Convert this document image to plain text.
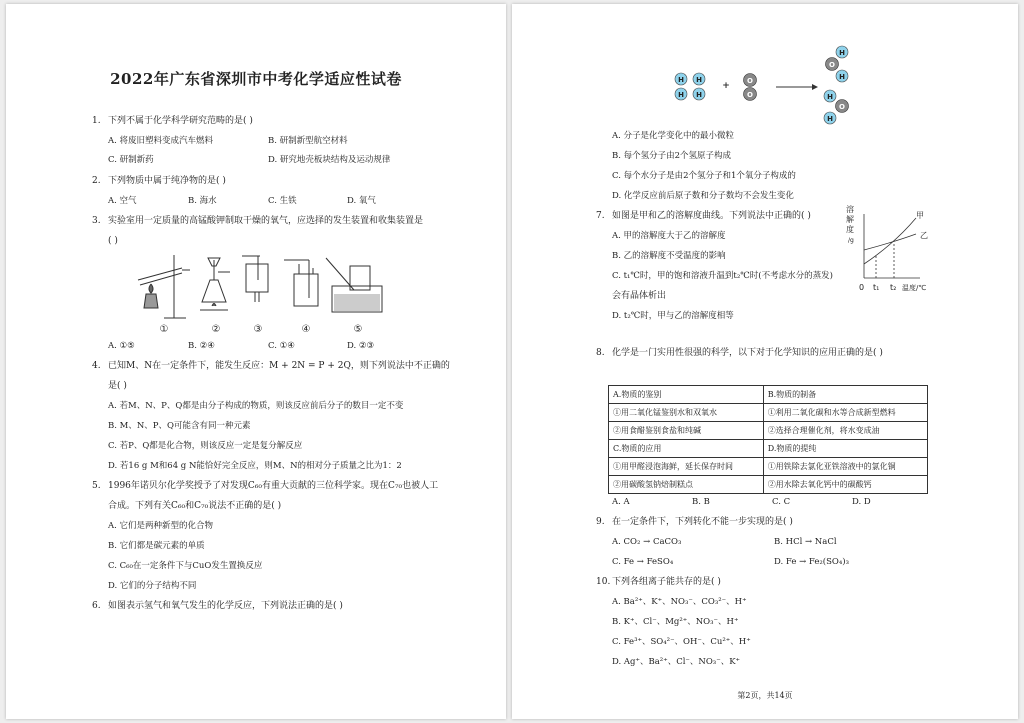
2022年广东省深圳市中考化学适应性试卷
1. 下列不属于化学科学研究范畴的是( )
A. 将废旧塑料变成汽车燃料	B. 研制新型航空材料
C. 研制新药	D. 研究地壳板块结构及运动规律
2. 下列物质中属于纯净物的是( )
A. 空气	B. 海水	C. 生铁	D. 氧气
3. 实验室用一定质量的高锰酸钾制取干燥的氧气，应选择的发生装置和收集装置是
( )
①	②	③	④	⑤
A. ①⑤	B. ②④	C. ①④	D. ②③
4. 已知M、N在一定条件下，能发生反应：M + 2N = P + 2Q，则下列说法中不正确的
是( )
A. 若M、N、P、Q都是由分子构成的物质，则该反应前后分子的数目一定不变
B. M、N、P、Q可能含有同一种元素
C. 若P、Q都是化合物，则该反应一定是复分解反应
D. 若16 g M和64 g N能恰好完全反应，则M、N的相对分子质量之比为1：2
5. 1996年诺贝尔化学奖授予了对发现C₆₀有重大贡献的三位科学家。现在C₇₀也被人工
合成。下列有关C₆₀和C₇₀说法不正确的是( )
A. 它们是两种新型的化合物
B. 它们都是碳元素的单质
C. C₆₀在一定条件下与CuO发生置换反应
D. 它们的分子结构不同
6. 如图表示氢气和氧气发生的化学反应，下列说法正确的是( )
H H
H H
+ O
O
H
O
H
H
O
H
A. 分子是化学变化中的最小微粒
B. 每个氢分子由2个氢原子构成
C. 每个水分子是由2个氢分子和1个氧分子构成的
D. 化学反应前后原子数和分子数均不会发生变化
7. 如图是甲和乙的溶解度曲线。下列说法中正确的( )
A. 甲的溶解度大于乙的溶解度
B. 乙的溶解度不受温度的影响
C. t₁℃时，甲的饱和溶液升温到t₂℃时(不考虑水分的蒸发)
会有晶体析出
D. t₂℃时，甲与乙的溶解度相等
溶
解
度
/g
甲
乙
0 t₁ t₂ 温度/℃
8. 化学是一门实用性很强的科学，以下对于化学知识的应用正确的是( )
A.物质的鉴别	B.物质的制备
①用二氧化锰鉴别水和双氧水	①利用二氧化碳和水等合成新型燃料
②用食醋鉴别食盐和纯碱	②选择合理催化剂，将水变成油
C.物质的应用	D.物质的提纯
①用甲醛浸泡海鲜，延长保存时间	①用铁除去氯化亚铁溶液中的氯化铜
②用碳酸氢钠焙制糕点	②用水除去氧化钙中的碳酸钙
A. A	B. B	C. C	D. D
9. 在一定条件下，下列转化不能一步实现的是( )
A. CO₂ → CaCO₃	B. HCl → NaCl
C. Fe → FeSO₄	D. Fe → Fe₂(SO₄)₃
10. 下列各组离子能共存的是( )
A. Ba²⁺、K⁺、NO₃⁻、CO₃²⁻、H⁺
B. K⁺、Cl⁻、Mg²⁺、NO₃⁻、H⁺
C. Fe³⁺、SO₄²⁻、OH⁻、Cu²⁺、H⁺
D. Ag⁺、Ba²⁺、Cl⁻、NO₃⁻、K⁺
第2页，共14页
